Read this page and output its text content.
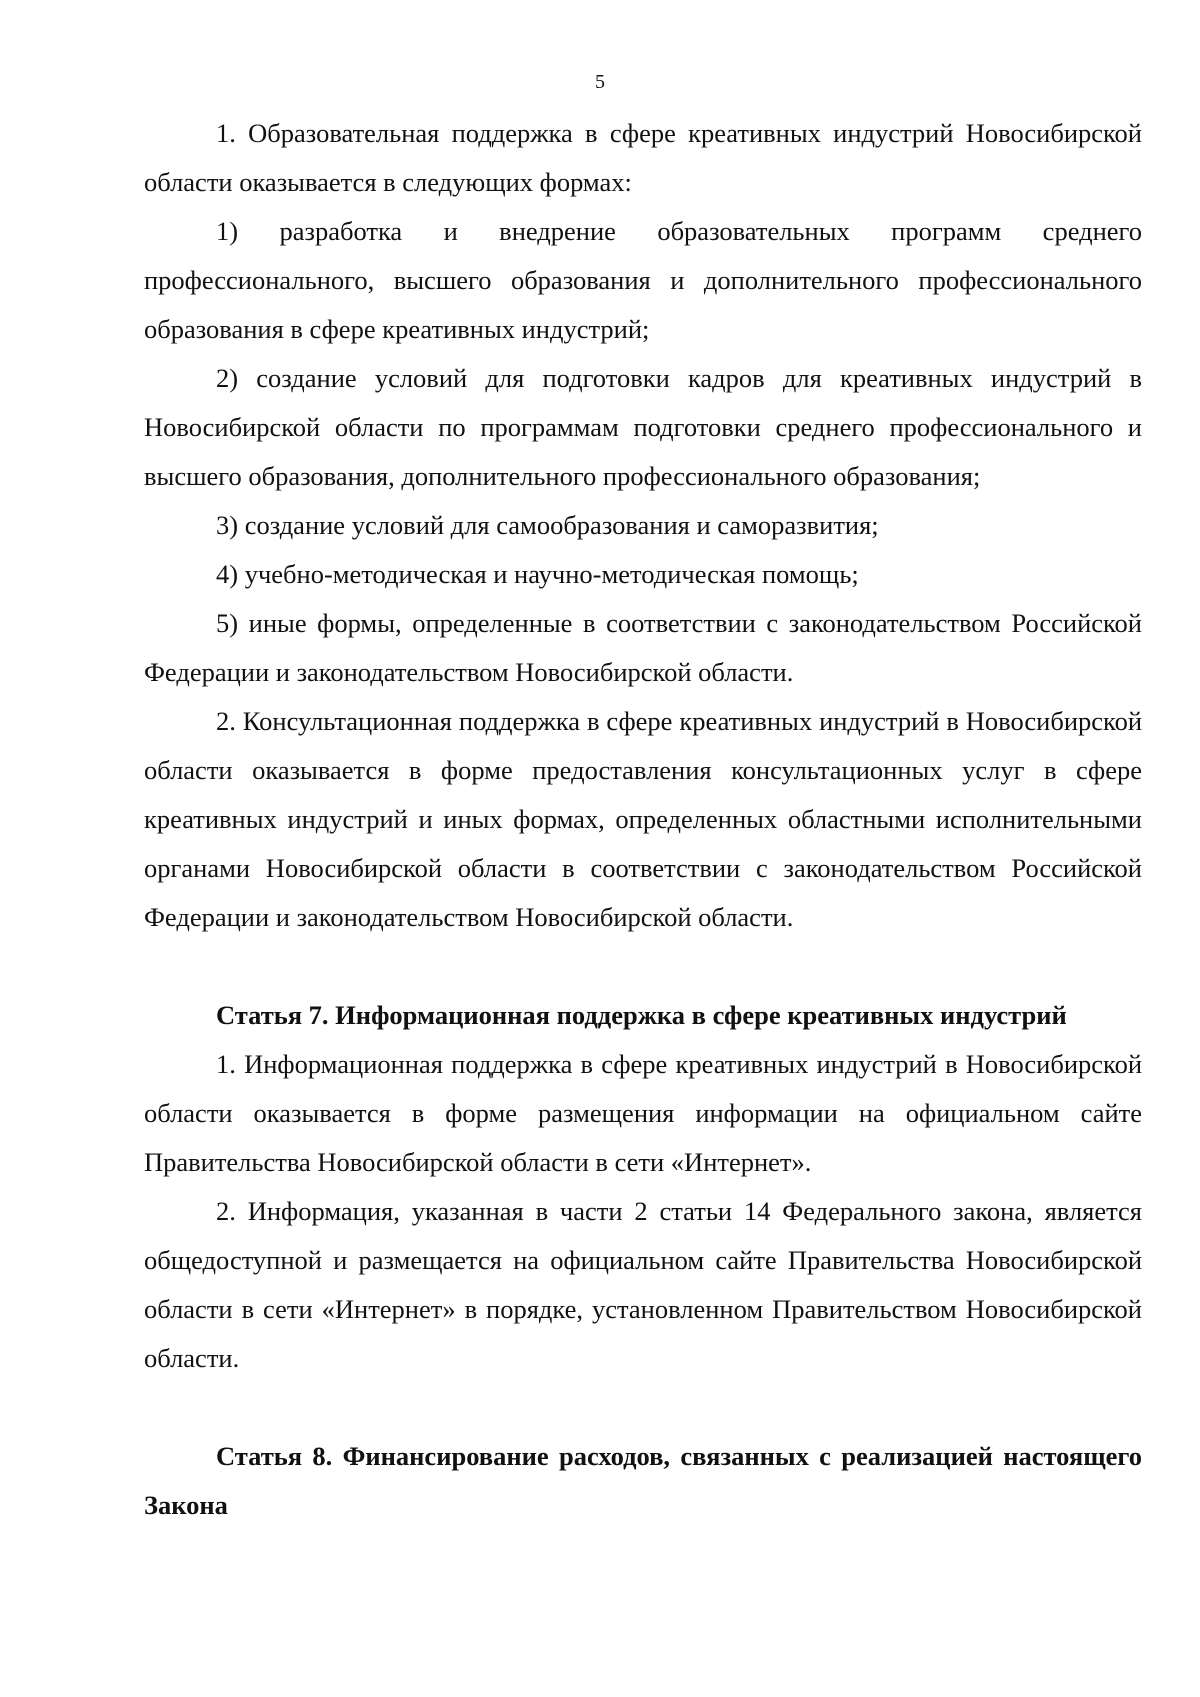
5

1. Образовательная поддержка в сфере креативных индустрий Новосибирской области оказывается в следующих формах:

1) разработка и внедрение образовательных программ среднего профессионального, высшего образования и дополнительного профессионального образования в сфере креативных индустрий;

2) создание условий для подготовки кадров для креативных индустрий в Новосибирской области по программам подготовки среднего профессионального и высшего образования, дополнительного профессионального образования;

3) создание условий для самообразования и саморазвития;

4) учебно-методическая и научно-методическая помощь;

5) иные формы, определенные в соответствии с законодательством Российской Федерации и законодательством Новосибирской области.

2. Консультационная поддержка в сфере креативных индустрий в Новосибирской области оказывается в форме предоставления консультационных услуг в сфере креативных индустрий и иных формах, определенных областными исполнительными органами Новосибирской области в соответствии с законодательством Российской Федерации и законодательством Новосибирской области.

Статья 7. Информационная поддержка в сфере креативных индустрий

1. Информационная поддержка в сфере креативных индустрий в Новосибирской области оказывается в форме размещения информации на официальном сайте Правительства Новосибирской области в сети «Интернет».

2. Информация, указанная в части 2 статьи 14 Федерального закона, является общедоступной и размещается на официальном сайте Правительства Новосибирской области в сети «Интернет» в порядке, установленном Правительством Новосибирской области.

Статья 8. Финансирование расходов, связанных с реализацией настоящего Закона
